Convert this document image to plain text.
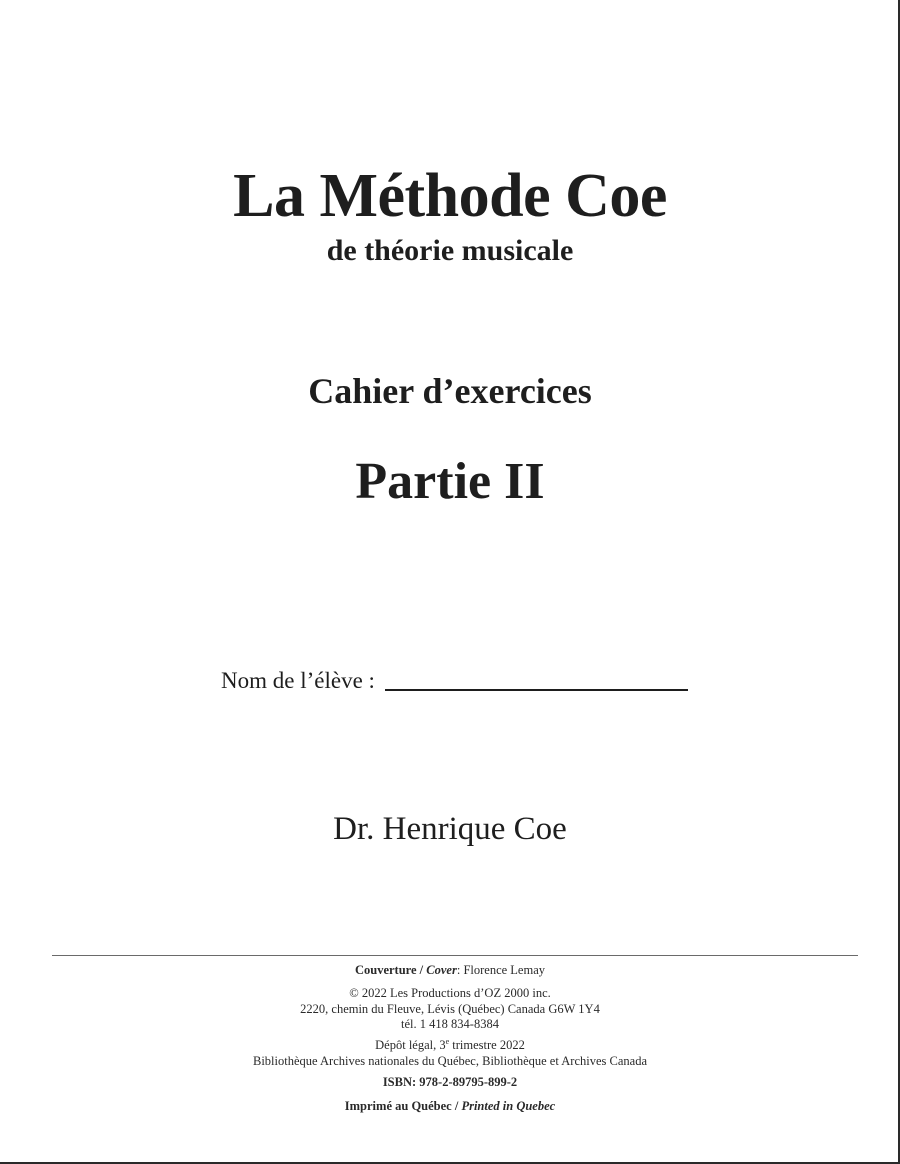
La Méthode Coe
de théorie musicale
Cahier d’exercices
Partie II
Nom de l’élève :
Dr. Henrique Coe
Couverture / Cover: Florence Lemay
© 2022 Les Productions d’OZ 2000 inc.
2220, chemin du Fleuve, Lévis (Québec) Canada G6W 1Y4
tél. 1 418 834-8384
Dépôt légal, 3e trimestre 2022
Bibliothèque Archives nationales du Québec, Bibliothèque et Archives Canada
ISBN: 978-2-89795-899-2
Imprimé au Québec / Printed in Quebec
